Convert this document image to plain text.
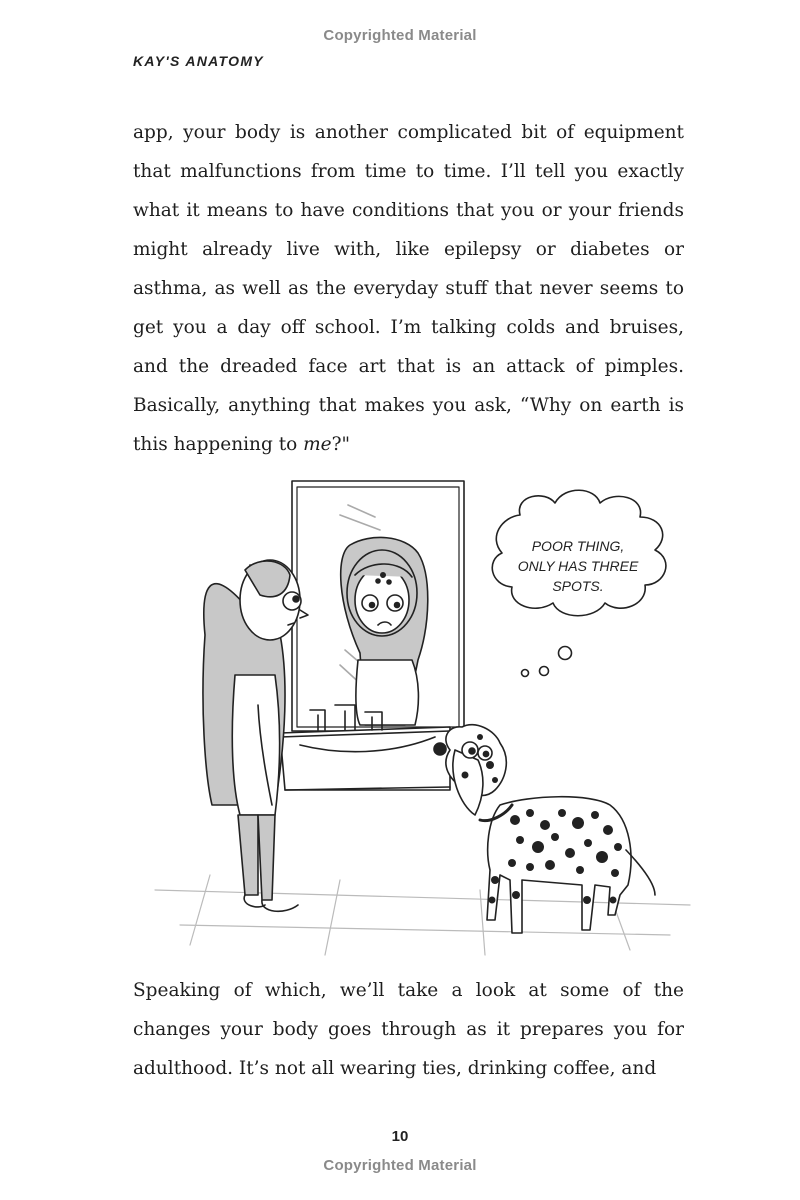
Copyrighted Material
KAY'S ANATOMY

app, your body is another complicated bit of equipment that malfunctions from time to time. I’ll tell you exactly what it means to have conditions that you or your friends might already live with, like epilepsy or diabetes or asthma, as well as the everyday stuff that never seems to get you a day off school. I’m talking colds and bruises, and the dreaded face art that is an attack of pimples. Basically, anything that makes you ask, “Why on earth is this happening to me?"

POOR THING,
ONLY HAS THREE
SPOTS.

Speaking of which, we’ll take a look at some of the changes your body goes through as it prepares you for adulthood. It’s not all wearing ties, drinking coffee, and

10
Copyrighted Material
